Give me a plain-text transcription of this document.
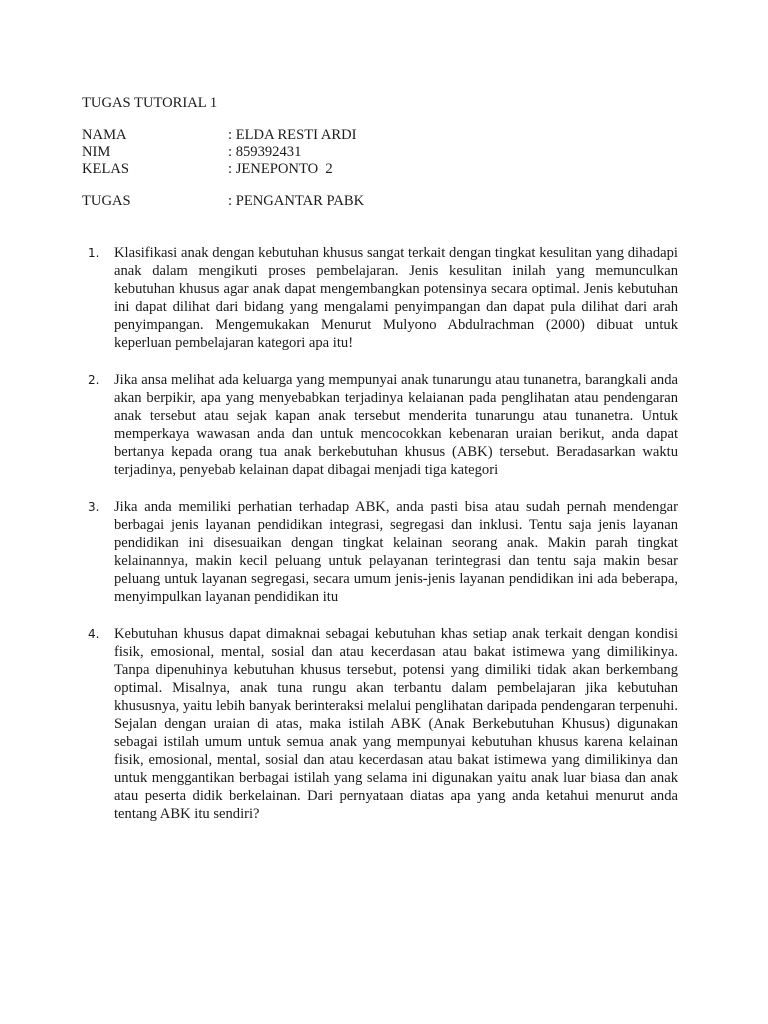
TUGAS TUTORIAL 1
NAMA	: ELDA RESTI ARDI
NIM	: 859392431
KELAS	: JENEPONTO  2
TUGAS	: PENGANTAR PABK
1. Klasifikasi anak dengan kebutuhan khusus sangat terkait dengan tingkat kesulitan yang dihadapi anak dalam mengikuti proses pembelajaran. Jenis kesulitan inilah yang memunculkan kebutuhan khusus agar anak dapat mengembangkan potensinya secara optimal. Jenis kebutuhan ini dapat dilihat dari bidang yang mengalami penyimpangan dan dapat pula dilihat dari arah penyimpangan. Mengemukakan Menurut Mulyono Abdulrachman (2000) dibuat untuk keperluan pembelajaran kategori apa itu!
2. Jika ansa melihat ada keluarga yang mempunyai anak tunarungu atau tunanetra, barangkali anda akan berpikir, apa yang menyebabkan terjadinya kelaianan pada penglihatan atau pendengaran anak tersebut atau sejak kapan anak tersebut menderita tunarungu atau tunanetra. Untuk memperkaya wawasan anda dan untuk mencocokkan kebenaran uraian berikut, anda dapat bertanya kepada orang tua anak berkebutuhan khusus (ABK) tersebut. Beradasarkan waktu terjadinya, penyebab kelainan dapat dibagai menjadi tiga kategori
3. Jika anda memiliki perhatian terhadap ABK, anda pasti bisa atau sudah pernah mendengar berbagai jenis layanan pendidikan integrasi, segregasi dan inklusi. Tentu saja jenis layanan pendidikan ini disesuaikan dengan tingkat kelainan seorang anak. Makin parah tingkat kelainannya, makin kecil peluang untuk pelayanan terintegrasi dan tentu saja makin besar peluang untuk layanan segregasi, secara umum jenis-jenis layanan pendidikan ini ada beberapa, menyimpulkan layanan pendidikan itu
4. Kebutuhan khusus dapat dimaknai sebagai kebutuhan khas setiap anak terkait dengan kondisi fisik, emosional, mental, sosial dan atau kecerdasan atau bakat istimewa yang dimilikinya. Tanpa dipenuhinya kebutuhan khusus tersebut, potensi yang dimiliki tidak akan berkembang optimal. Misalnya, anak tuna rungu akan terbantu dalam pembelajaran jika kebutuhan khususnya, yaitu lebih banyak berinteraksi melalui penglihatan daripada pendengaran terpenuhi. Sejalan dengan uraian di atas, maka istilah ABK (Anak Berkebutuhan Khusus) digunakan sebagai istilah umum untuk semua anak yang mempunyai kebutuhan khusus karena kelainan fisik, emosional, mental, sosial dan atau kecerdasan atau bakat istimewa yang dimilikinya dan untuk menggantikan berbagai istilah yang selama ini digunakan yaitu anak luar biasa dan anak atau peserta didik berkelainan. Dari pernyataan diatas apa yang anda ketahui menurut anda tentang ABK itu sendiri?
